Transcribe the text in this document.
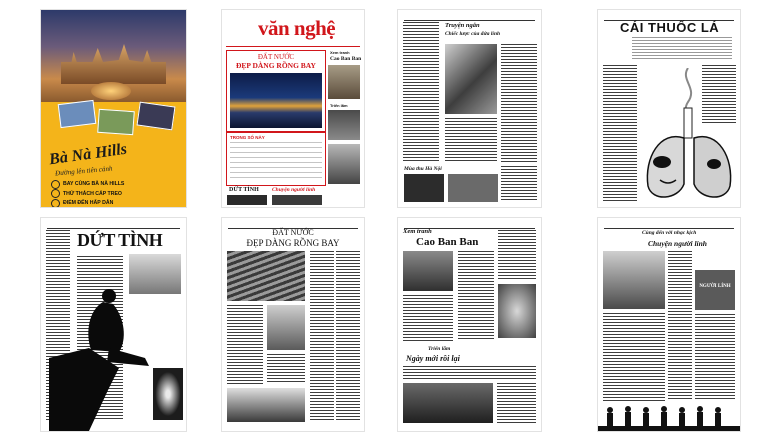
Bà Nà Hills
Đường lên tiên cảnh
BAY CÙNG BÀ NÀ HILLS
THỬ THÁCH CÁP TREO
ĐIỂM ĐẾN HẤP DẪN
văn nghệ
ĐẤT NƯỚC
ĐẸP DÀNG RỒNG BAY
TRONG SỐ NÀY
DỨT TÌNH Chuyện người lính
Xem tranh
Cao Ban Ban
Triển lãm
Truyện ngắn
Chiếc lược của đứa lính
Mùa thu Hà Nội
CÁI THUỐC LÁ
DỨT TÌNH	ĐẤT NƯỚC
ĐẸP DÀNG RỒNG BAY
Xem tranh
Cao Ban Ban
Triển lãm
Ngày mới rồi lại
Cùng đến với nhạc kịch
Chuyện người lính
NGƯỜI LÍNH
